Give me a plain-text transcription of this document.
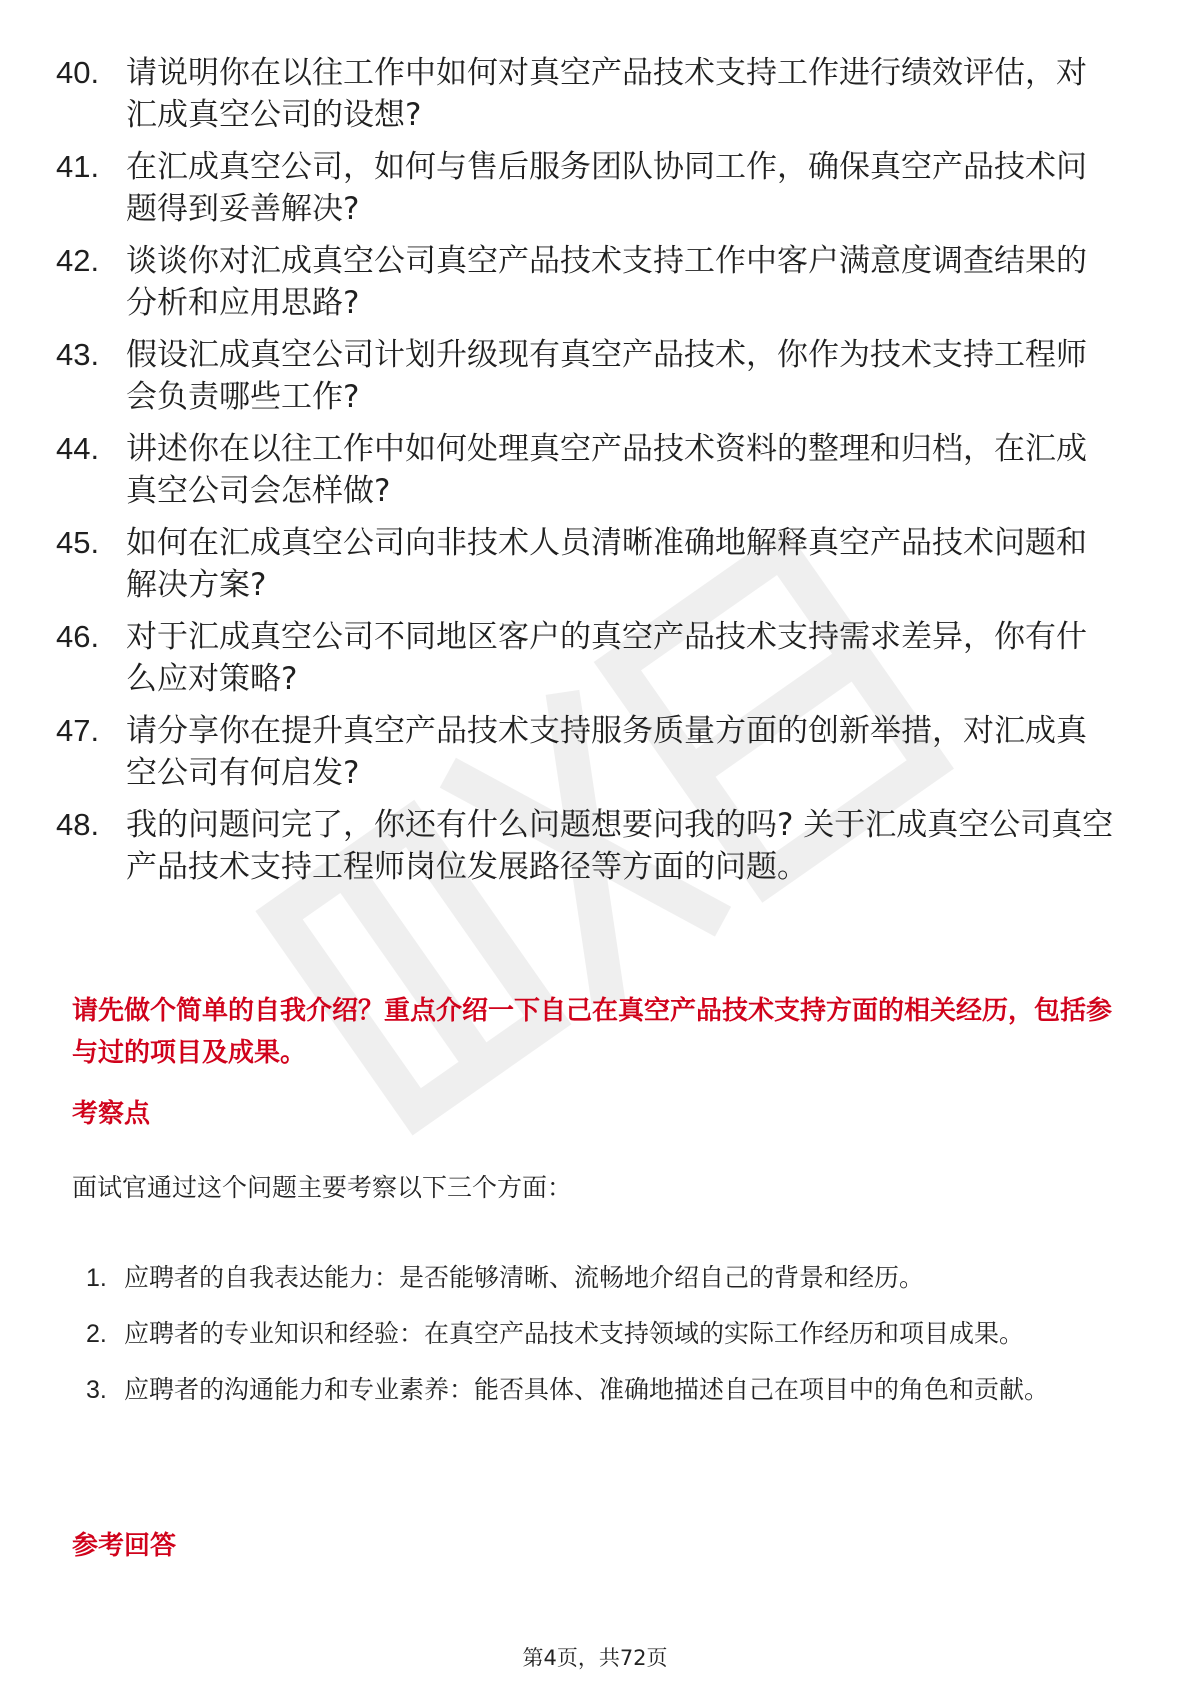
40. 请说明你在以往工作中如何对真空产品技术支持工作进行绩效评估，对汇成真空公司的设想?
41. 在汇成真空公司，如何与售后服务团队协同工作，确保真空产品技术问题得到妥善解决?
42. 谈谈你对汇成真空公司真空产品技术支持工作中客户满意度调查结果的分析和应用思路?
43. 假设汇成真空公司计划升级现有真空产品技术，你作为技术支持工程师会负责哪些工作?
44. 讲述你在以往工作中如何处理真空产品技术资料的整理和归档，在汇成真空公司会怎样做?
45. 如何在汇成真空公司向非技术人员清晰准确地解释真空产品技术问题和解决方案?
46. 对于汇成真空公司不同地区客户的真空产品技术支持需求差异，你有什么应对策略?
47. 请分享你在提升真空产品技术支持服务质量方面的创新举措，对汇成真空公司有何启发?
48. 我的问题问完了，你还有什么问题想要问我的吗? 关于汇成真空公司真空产品技术支持工程师岗位发展路径等方面的问题。
请先做个简单的自我介绍？重点介绍一下自己在真空产品技术支持方面的相关经历，包括参与过的项目及成果。
考察点
面试官通过这个问题主要考察以下三个方面：
1. 应聘者的自我表达能力：是否能够清晰、流畅地介绍自己的背景和经历。
2. 应聘者的专业知识和经验：在真空产品技术支持领域的实际工作经历和项目成果。
3. 应聘者的沟通能力和专业素养：能否具体、准确地描述自己在项目中的角色和贡献。
参考回答
第4页，共72页
